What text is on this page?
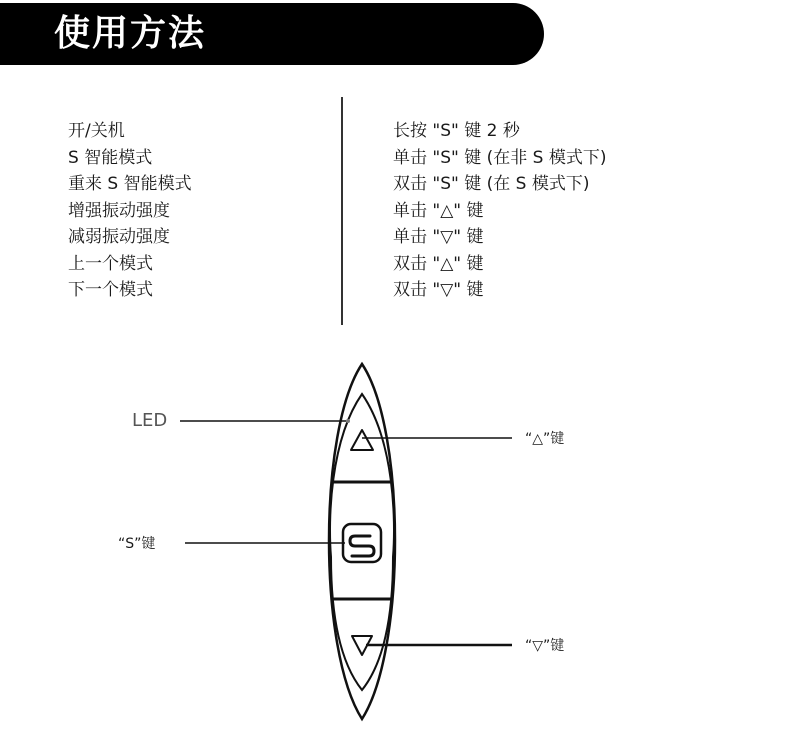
使用方法
开/关机
S 智能模式
重来 S 智能模式
增强振动强度
减弱振动强度
上一个模式
下一个模式
长按 "S" 键 2 秒
单击 "S" 键 (在非 S 模式下)
双击 "S" 键 (在 S 模式下)
单击 "△" 键
单击 "▽" 键
双击 "△" 键
双击 "▽" 键
LED
“△”键
“S”键
“▽”键
